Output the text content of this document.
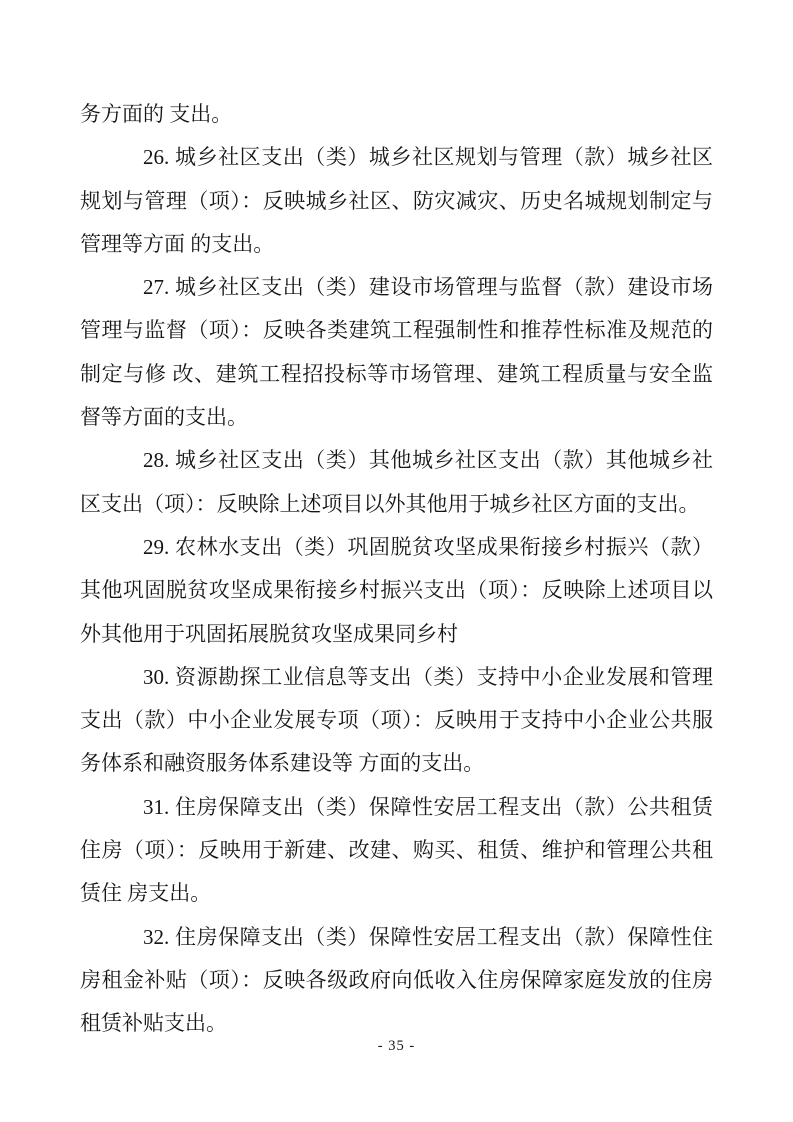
务方面的 支出。

26. 城乡社区支出（类）城乡社区规划与管理（款）城乡社区规划与管理（项）：反映城乡社区、防灾减灾、历史名城规划制定与管理等方面 的支出。

27. 城乡社区支出（类）建设市场管理与监督（款）建设市场管理与监督（项）：反映各类建筑工程强制性和推荐性标准及规范的制定与修 改、建筑工程招投标等市场管理、建筑工程质量与安全监督等方面的支出。

28. 城乡社区支出（类）其他城乡社区支出（款）其他城乡社区支出（项）：反映除上述项目以外其他用于城乡社区方面的支出。

29. 农林水支出（类）巩固脱贫攻坚成果衔接乡村振兴（款）其他巩固脱贫攻坚成果衔接乡村振兴支出（项）：反映除上述项目以外其他用于巩固拓展脱贫攻坚成果同乡村

30. 资源勘探工业信息等支出（类）支持中小企业发展和管理支出（款）中小企业发展专项（项）：反映用于支持中小企业公共服务体系和融资服务体系建设等 方面的支出。

31. 住房保障支出（类）保障性安居工程支出（款）公共租赁住房（项）：反映用于新建、改建、购买、租赁、维护和管理公共租赁住 房支出。

32. 住房保障支出（类）保障性安居工程支出（款）保障性住房租金补贴（项）：反映各级政府向低收入住房保障家庭发放的住房租赁补贴支出。

- 35 -
